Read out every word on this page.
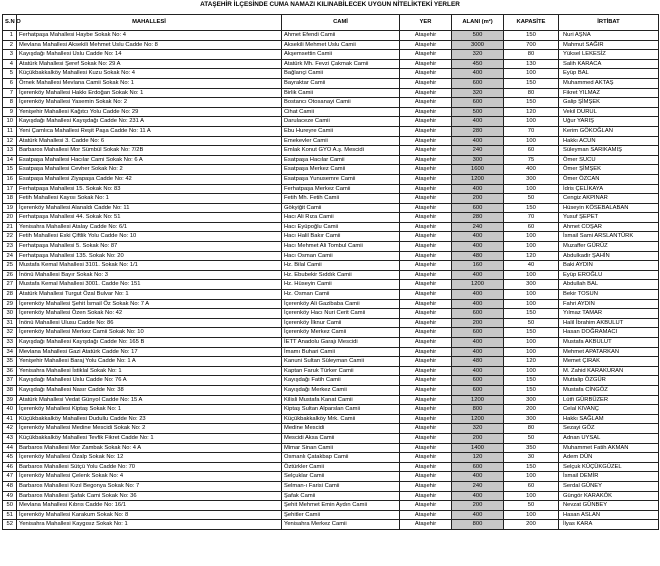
ATAŞEHİR İLÇESİNDE CUMA NAMAZI KILINABİLECEK UYGUN NİTELİKTEKİ YERLER
S.N O	MAHALLESİ	CAMİ	YER	ALANI (m²)	KAPASİTE	İRTİBAT
1	Ferhatpaşa Mahallesi Haybe Sokak No: 4	Ahmet Efendi Camii	Ataşehir	500	150	Nuri AŞNA
2	Mevlana Mahallesi Aksekili Mehmet Uslu Cadde No: 8	Aksekili Mehmet Uslu Camii	Ataşehir	3000	700	Mahmut SAĞIR
3	Kayışdağı Mahallesi Uslu Cadde No: 14	Akşemsettin Camii	Ataşehir	320	80	Yüksel LEKESİZ
4	Atatürk Mahallesi Şeref Sokak No: 29 A	Atatürk Mh. Fevzi Çakmak Camii	Ataşehir	450	130	Salih KARACA
5	Küçükbakkalköy Mahallesi Kuzu Sokak No: 4	Bağlarıçi Camii	Ataşehir	400	100	Eyüp BAL
6	Örnek Mahallesi Mevlana Camii Sokak No: 1	Bayraktar Camii	Ataşehir	600	150	Muhammed AKTAŞ
7	İçerenköy Mahallesi Hakkı Erdoğan Sokak No: 1	Birlik Camii	Ataşehir	320	80	Fikret YILMAZ
8	İçerenköy Mahallesi Yasemin Sokak No: 2	Bostancı Otosanayi Camii	Ataşehir	600	150	Galip ŞİMŞEK
9	Yenişehir Mahallesi Kağıtcı Yolu Cadde No: 29	Cihat Camii	Ataşehir	500	120	Vekil DURUL
10	Kayışdağı Mahallesi Kayışdağı Cadde No: 231 A	Darulaceze Camii	Ataşehir	400	100	Uğur YARIŞ
11	Yeni Çamlıca Mahallesi Reşit Paşa Cadde No: 11 A	Ebu Hureyre Camii	Ataşehir	280	70	Kerim GÖKOĞLAN
12	Atatürk Mahallesi 3. Cadde No: 6	Emekevler Camii	Ataşehir	400	100	Hakkı ACUN
13	Barbaros Mahallesi Mor Sümbül Sokak No: 7/2B	Emlak Konut GYO A.ş. Mescidi	Ataşehir	240	60	Süleyman SARIKAMIŞ
14	Esatpaşa Mahallesi Hacılar Cami Sokak No: 6 A	Esatpaşa Hacılar Camii	Ataşehir	300	75	Ömer SUCU
15	Esatpaşa Mahallesi Cevher Sokak No: 2	Esatpaşa Merkez Camii	Ataşehir	1600	400	Ömer ŞİMŞEK
16	Esatpaşa Mahallesi Ziyapaşa Cadde No: 42	Esatpaşa Yunusemre Camii	Ataşehir	1200	300	Ömer ÖZCAN
17	Ferhatpaşa Mahallesi 15. Sokak No: 83	Ferhatpaşa Merkez Camii	Ataşehir	400	100	İdris ÇELİKAYA
18	Fetih Mahallesi Kayısı Sokak No: 1	Fetih Mh. Fetih Camii	Ataşehir	200	50	Cengiz AKPINAR
19	İçerenköy Mahallesi Alanaldı Cadde No: 11	Gökyiğit Camii	Ataşehir	600	150	Hüseyin KÖSEBALABAN
20	Ferhatpaşa Mahallesi 44. Sokak No: 51	Hacı Ali Rıza Camii	Ataşehir	280	70	Yusuf ŞEPET
21	Yenisahra Mahallesi Atalay Cadde No: 6/1	Hacı Eyüpoğlu Camii	Ataşehir	240	60	Ahmet COŞAR
22	Fetih Mahallesi Eski Çiftlik Yolu Cadde No: 10	Hacı Halil Bakır Camii	Ataşehir	400	100	İsmail Sami ARSLANTÜRK
23	Ferhatpaşa Mahallesi 5. Sokak No: 87	Hacı Mehmet Ali Tombul Camii	Ataşehir	400	100	Muzaffer GÜRÜZ
24	Ferhatpaşa Mahallesi 135. Sokak No: 20	Hacı Osman Camii	Ataşehir	480	120	Abdulkadir ŞAHİN
25	Mustafa Kemal Mahallesi 3101. Sokak No: 1/1	Hz. Bilal Camii	Ataşehir	160	40	Baki AYDIN
26	İnönü Mahallesi Bayır Sokak No: 3	Hz. Ebubekir Sıddık Camii	Ataşehir	400	100	Eyüp EROĞLU
27	Mustafa Kemal Mahallesi 3001. Cadde No: 151	Hz. Hüseyin Camii	Ataşehir	1200	300	Abdullah BAL
28	Atatürk Mahallesi Turgut Özal Bulvar No: 1	Hz. Osman Camii	Ataşehir	400	100	Bekir TOSUN
29	İçerenköy Mahallesi Şehit İsmail Öz Sokak No: 7 A	İçerenköy Ali Gazibaba Camii	Ataşehir	400	100	Fahri AYDIN
30	İçerenköy Mahallesi Özen Sokak No: 42	İçerenköy Hacı Nuri Cerit Camii	Ataşehir	600	150	Yılmaz TAMAR
31	İnönü Mahallesi Ulusu Cadde No: 86	İçerenköy İlknur Camii	Ataşehir	200	50	Halil İbrahim AKBULUT
32	İçerenköy Mahallesi Merkez Camii Sokak No: 10	İçerenköy Merkez Camii	Ataşehir	600	150	Hasan DOĞRAMACI
33	Kayışdağı Mahallesi Kayışdağı Cadde No: 165 B	İETT Anadolu Garajı Mescidi	Ataşehir	400	100	Mustafa AKBULUT
34	Mevlana Mahallesi Gazi Atatürk Cadde No: 17	İmamı Buhari Camii	Ataşehir	400	100	Mehmet APATARKAN
35	Yenişehir Mahallesi Baraj Yolu Cadde No: 1 A	Kanuni Sultan Süleyman Camii	Ataşehir	480	120	Memet ÇIRAK
36	Yenisahra Mahallesi İstiklal Sokak No: 1	Kaptan Faruk Türker Camii	Ataşehir	400	100	M. Zahid KARAKURAN
37	Kayışdağı Mahallesi Uslu Cadde No: 76 A	Kayışdağı Fatih Camii	Ataşehir	600	150	Muttalip ÖZGÜR
38	Kayışdağı Mahallesi Nasır Cadde No: 38	Kayışdağı Merkez Camii	Ataşehir	600	150	Mustafa CİNGÖZ
39	Atatürk Mahallesi Vedat Günyol Cadde No: 15 A	Kilisli Mustafa Kanat Camii	Ataşehir	1200	300	Lütfi GÜRBÜZER
40	İçerenköy Mahallesi Kiptaş Sokak No: 1	Kiptaş Sultan Alparslan Camii	Ataşehir	800	200	Celal KIVANÇ
41	Küçükbakkalköy Mahallesi Dudullu Cadde No: 23	Küçükbakkalköy Mrk. Camii	Ataşehir	1200	300	Hakkı SAĞLAM
42	İçerenköy Mahallesi Medine Mescidi Sokak No: 2	Medine Mescidi	Ataşehir	320	80	Sezayi GÖZ
43	Küçükbakkalköy Mahallesi Tevfik Fikret Cadde No: 1	Mescidi Aksa Camii	Ataşehir	200	50	Adnan UYSAL
44	Barbaros Mahallesi Mor Zambak Sokak No: 4 A	Mimar Sinan Camii	Ataşehir	1400	350	Muhammet Fatih AKMAN
45	İçerenköy Mahallesi Özalp Sokak No: 12	Osmanlı Çatakbap Camii	Ataşehir	120	30	Adem DÜN
46	Barbaros Mahallesi Sütçü Yolu Cadde No: 70	Öztürkler Camii	Ataşehir	600	150	Selçuk KÜÇÜKGÜZEL
47	İçerenköy Mahallesi Çelenk Sokak No: 4	Selçuklar Camii	Ataşehir	400	100	İsmail DEMİR
48	Barbaros Mahallesi Kızıl Begonya Sokak No: 7	Selman-ı Farisi Camii	Ataşehir	240	60	Serdal GÜNEY
49	Barbaros Mahallesi Şafak Cami Sokak No: 36	Şafak Camii	Ataşehir	400	100	Güngör KARAKÖK
50	Mevlana Mahallesi Kıbrıs Cadde No: 16/1	Şehit Mehmet Emin Aydın Camii	Ataşehir	200	50	Nevzat GÜNBEY
51	İçerenköy Mahallesi Karakum Sokak No: 8	Şehitler Camii	Ataşehir	400	100	Hasan ASLAN
52	Yenisahra Mahallesi Kaygısız Sokak No: 1	Yenisahra Merkez Camii	Ataşehir	800	200	İlyas KARA
